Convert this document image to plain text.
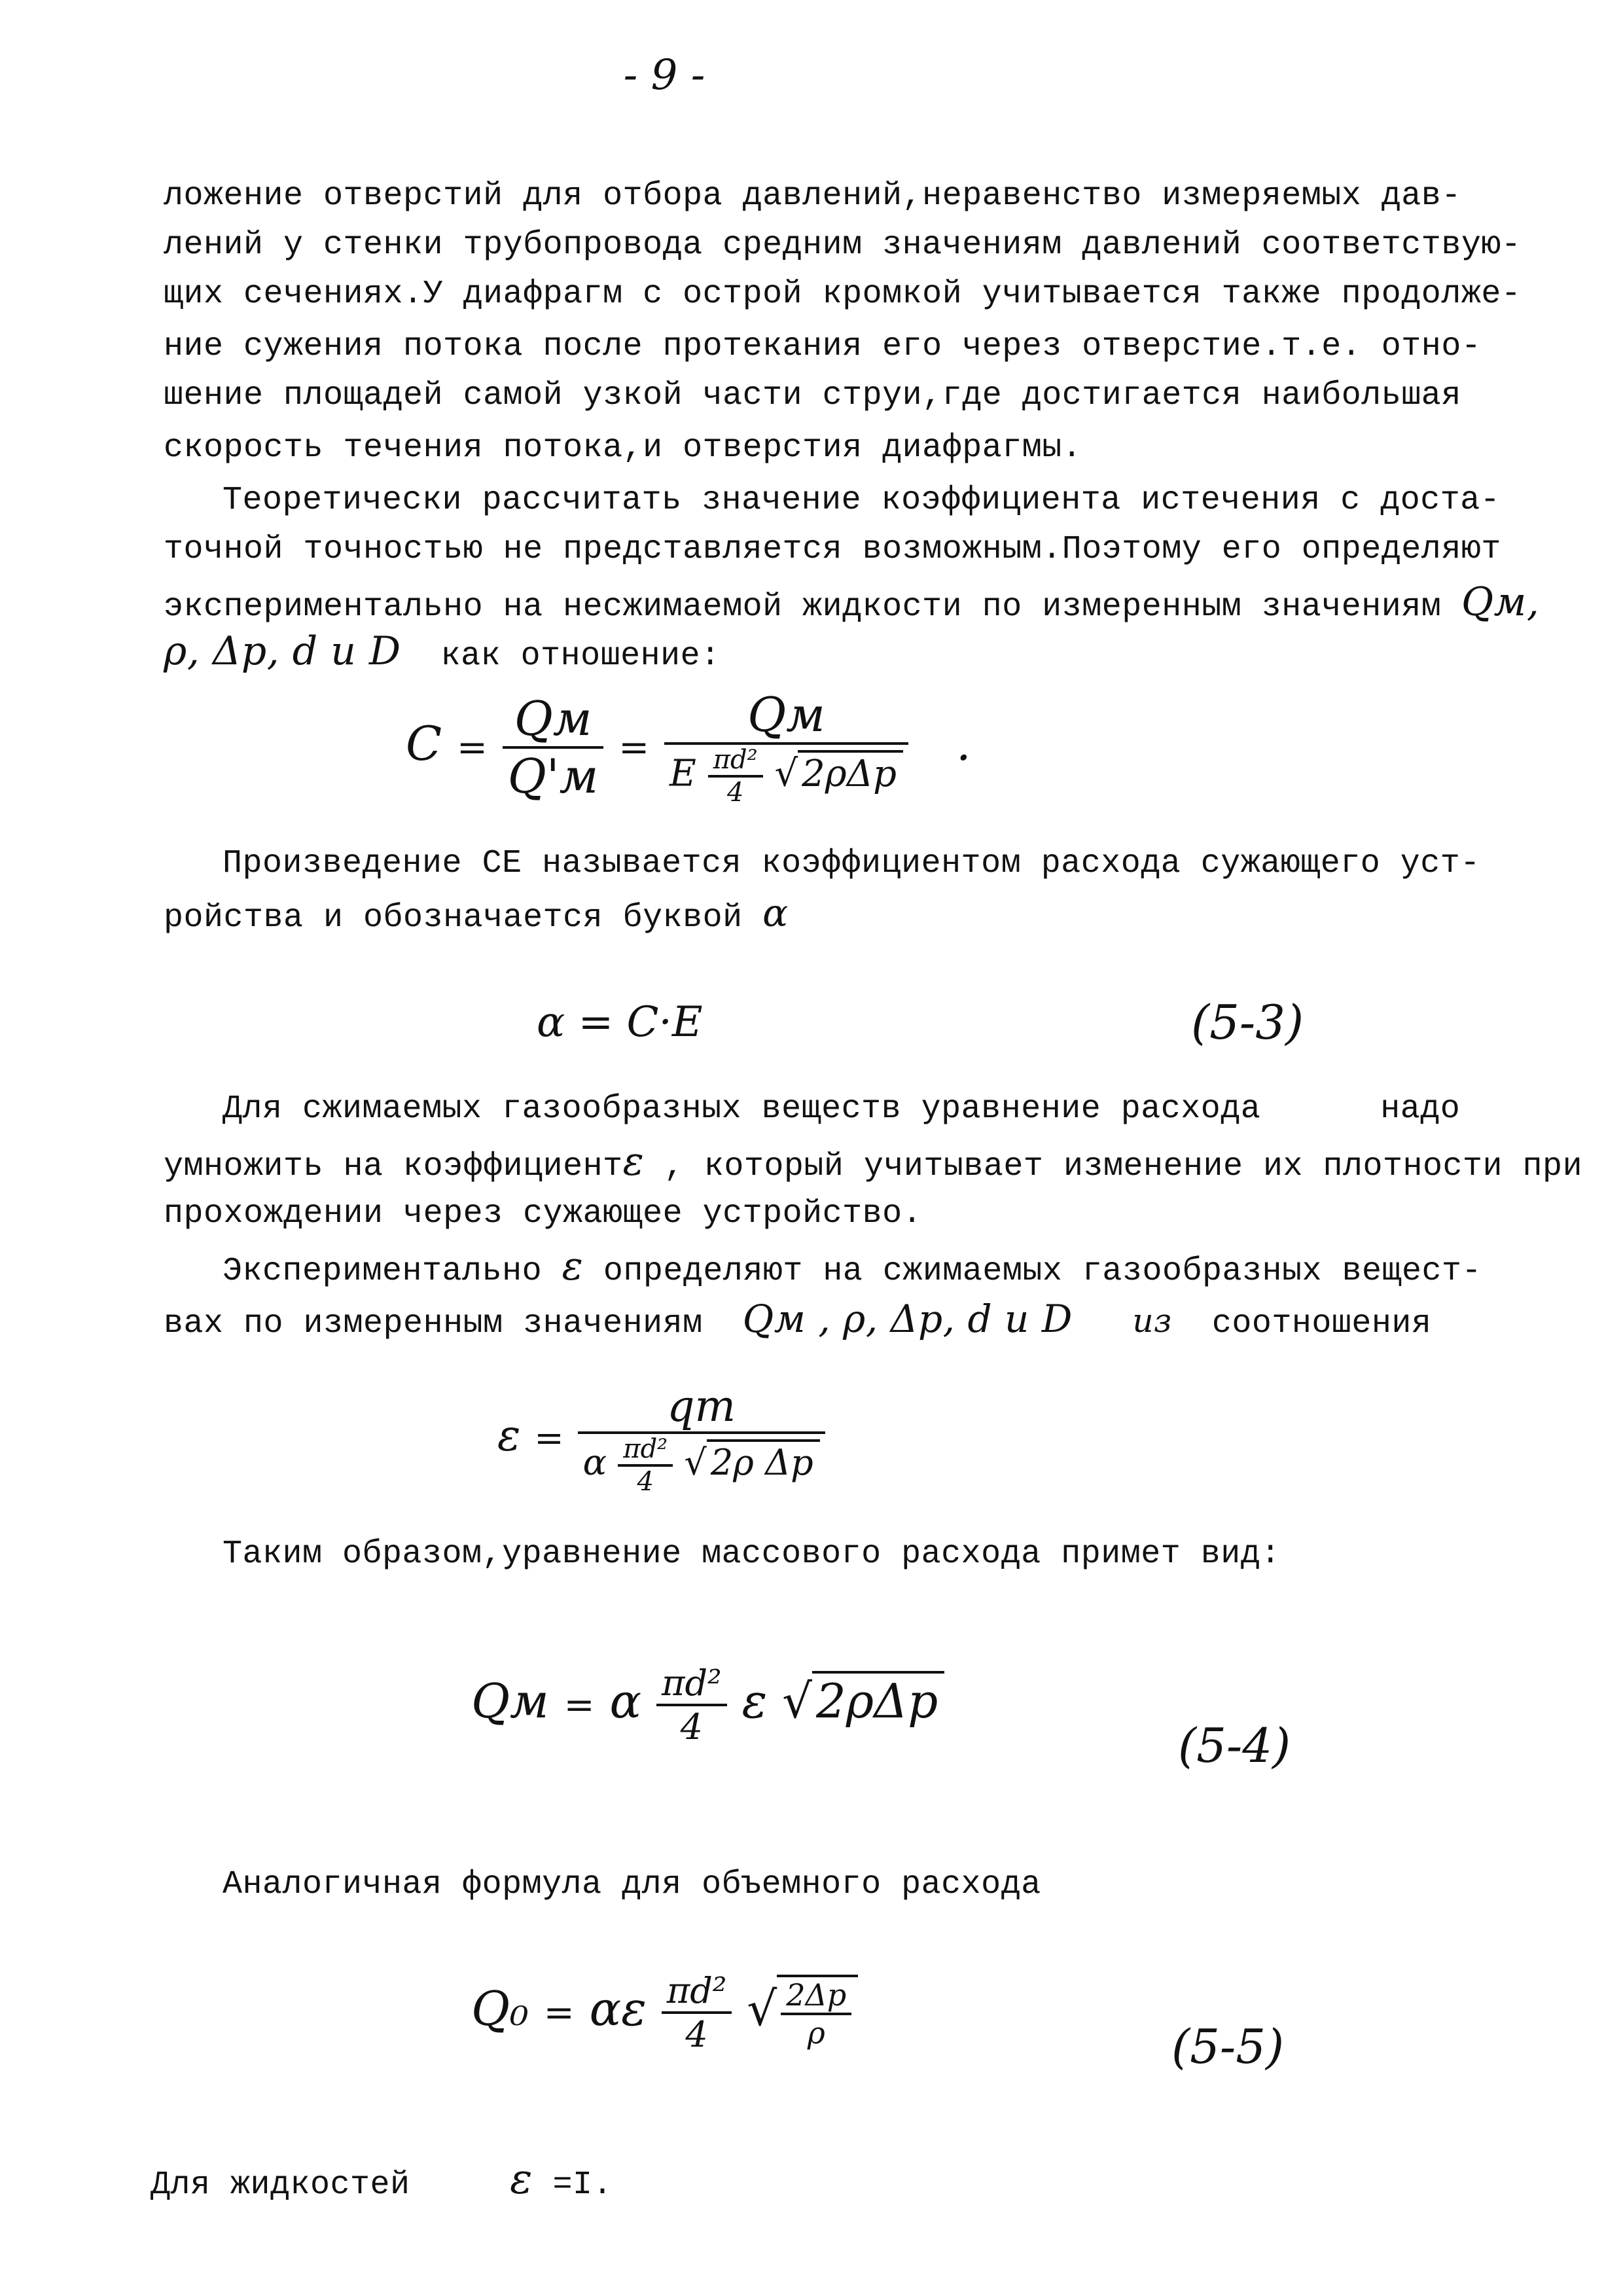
- 9 -
ложение отверстий для отбора давлений,неравенство измеряемых дав-
лений у стенки трубопровода средним значениям давлений соответствую-
щих сечениях.У диафрагм с острой кромкой учитывается также продолже-
ние сужения потока после протекания его через отверстие.т.е. отно-
шение площадей самой узкой части струи,где достигается наибольшая
скорость течения потока,и отверстия диафрагмы.
Теоретически рассчитать значение коэффициента истечения с доста-
точной точностью не представляется возможным.Поэтому его определяют
экспериментально на несжимаемой жидкости по измеренным значениям Qм,
ρ, Δp, d и D как отношение:
$C = \frac{Qм}{Q'м} = \frac{Qм}{E \frac{\text{πd²}}{4} √ 2\rho\Delta p}$ .
Произведение CE называется коэффициентом расхода сужающего уст-
ройства и обозначается буквой α
α = C·E	(5-3)
Для сжимаемых газообразных веществ уравнение расхода      надо
умножить на коэффициентε , который учитывает изменение их плотности при
прохождении через сужающее устройство.
Экспериментально ε определяют на сжимаемых газообразных вещест-
вах по измеренным значениям Qм , ρ, Δp, d и D из соотношения
$\varepsilon = \frac{qm}{\alpha \frac{\text{πd²}}{4} √ 2\rho \Delta p}$
Таким образом,уравнение массового расхода примет вид:
Qм = α $\frac{\text{πd²}}{4}$ ε √2ρΔp
(5-4)
Аналогичная формула для объемного расхода
Q₀ = αε $\frac{\text{πd²}}{4}$ √ $\frac{2\Delta p}{\rho}$	(5-5)
Для жидкостей ε =I.
